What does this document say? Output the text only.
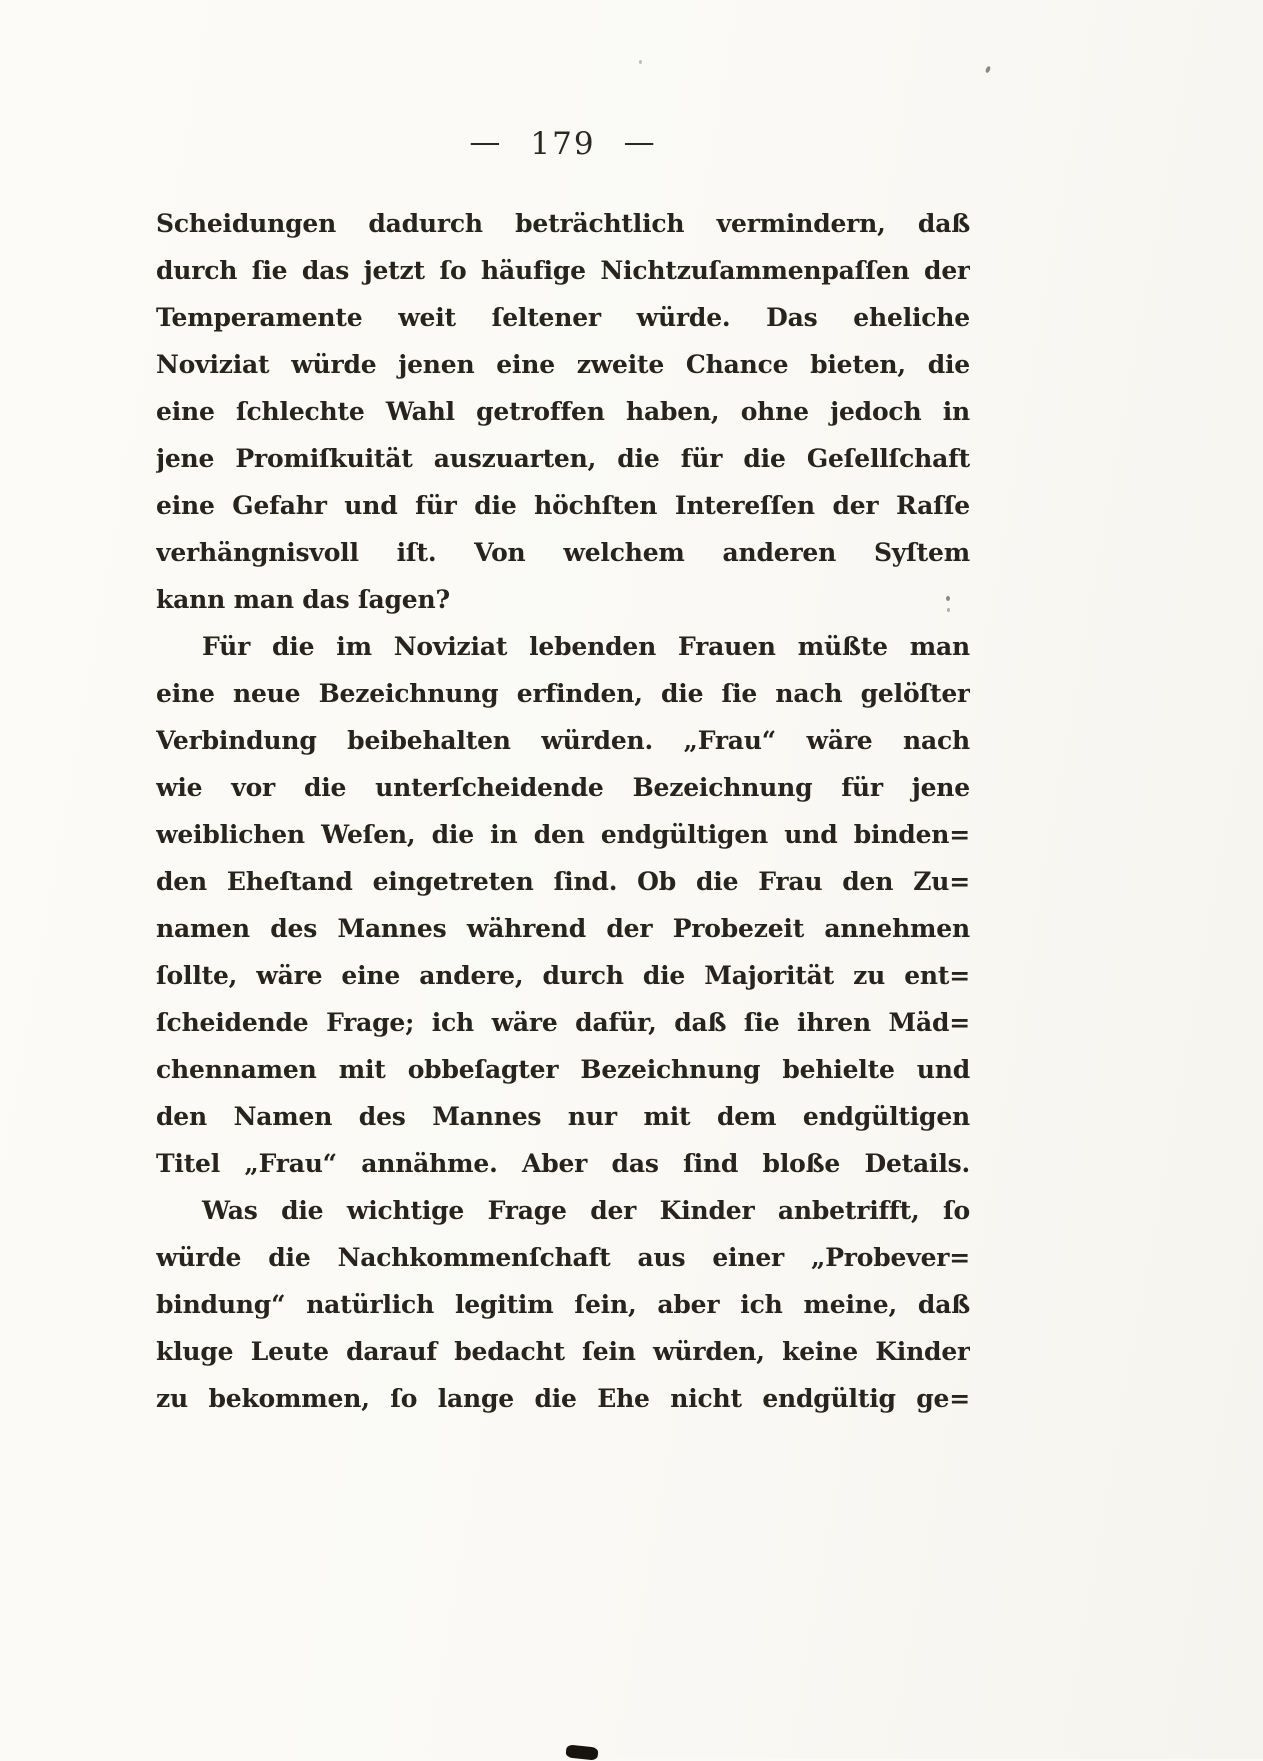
— 179 —
Scheidungen dadurch beträchtlich vermindern, daß
durch ſie das jetzt ſo häufige Nichtzuſammenpaſſen der
Temperamente weit ſeltener würde. Das eheliche
Noviziat würde jenen eine zweite Chance bieten, die
eine ſchlechte Wahl getroffen haben, ohne jedoch in
jene Promiſkuität auszuarten, die für die Geſellſchaft
eine Gefahr und für die höchſten Intereſſen der Raſſe
verhängnisvoll iſt. Von welchem anderen Syſtem
kann man das ſagen?
Für die im Noviziat lebenden Frauen müßte man
eine neue Bezeichnung erfinden, die ſie nach gelöſter
Verbindung beibehalten würden. „Frau“ wäre nach
wie vor die unterſcheidende Bezeichnung für jene
weiblichen Weſen, die in den endgültigen und binden=
den Eheſtand eingetreten ſind. Ob die Frau den Zu=
namen des Mannes während der Probezeit annehmen
ſollte, wäre eine andere, durch die Majorität zu ent=
ſcheidende Frage; ich wäre dafür, daß ſie ihren Mäd=
chennamen mit obbeſagter Bezeichnung behielte und
den Namen des Mannes nur mit dem endgültigen
Titel „Frau“ annähme. Aber das ſind bloße Details.
Was die wichtige Frage der Kinder anbetrifft, ſo
würde die Nachkommenſchaft aus einer „Probever=
bindung“ natürlich legitim ſein, aber ich meine, daß
kluge Leute darauf bedacht ſein würden, keine Kinder
zu bekommen, ſo lange die Ehe nicht endgültig ge=
